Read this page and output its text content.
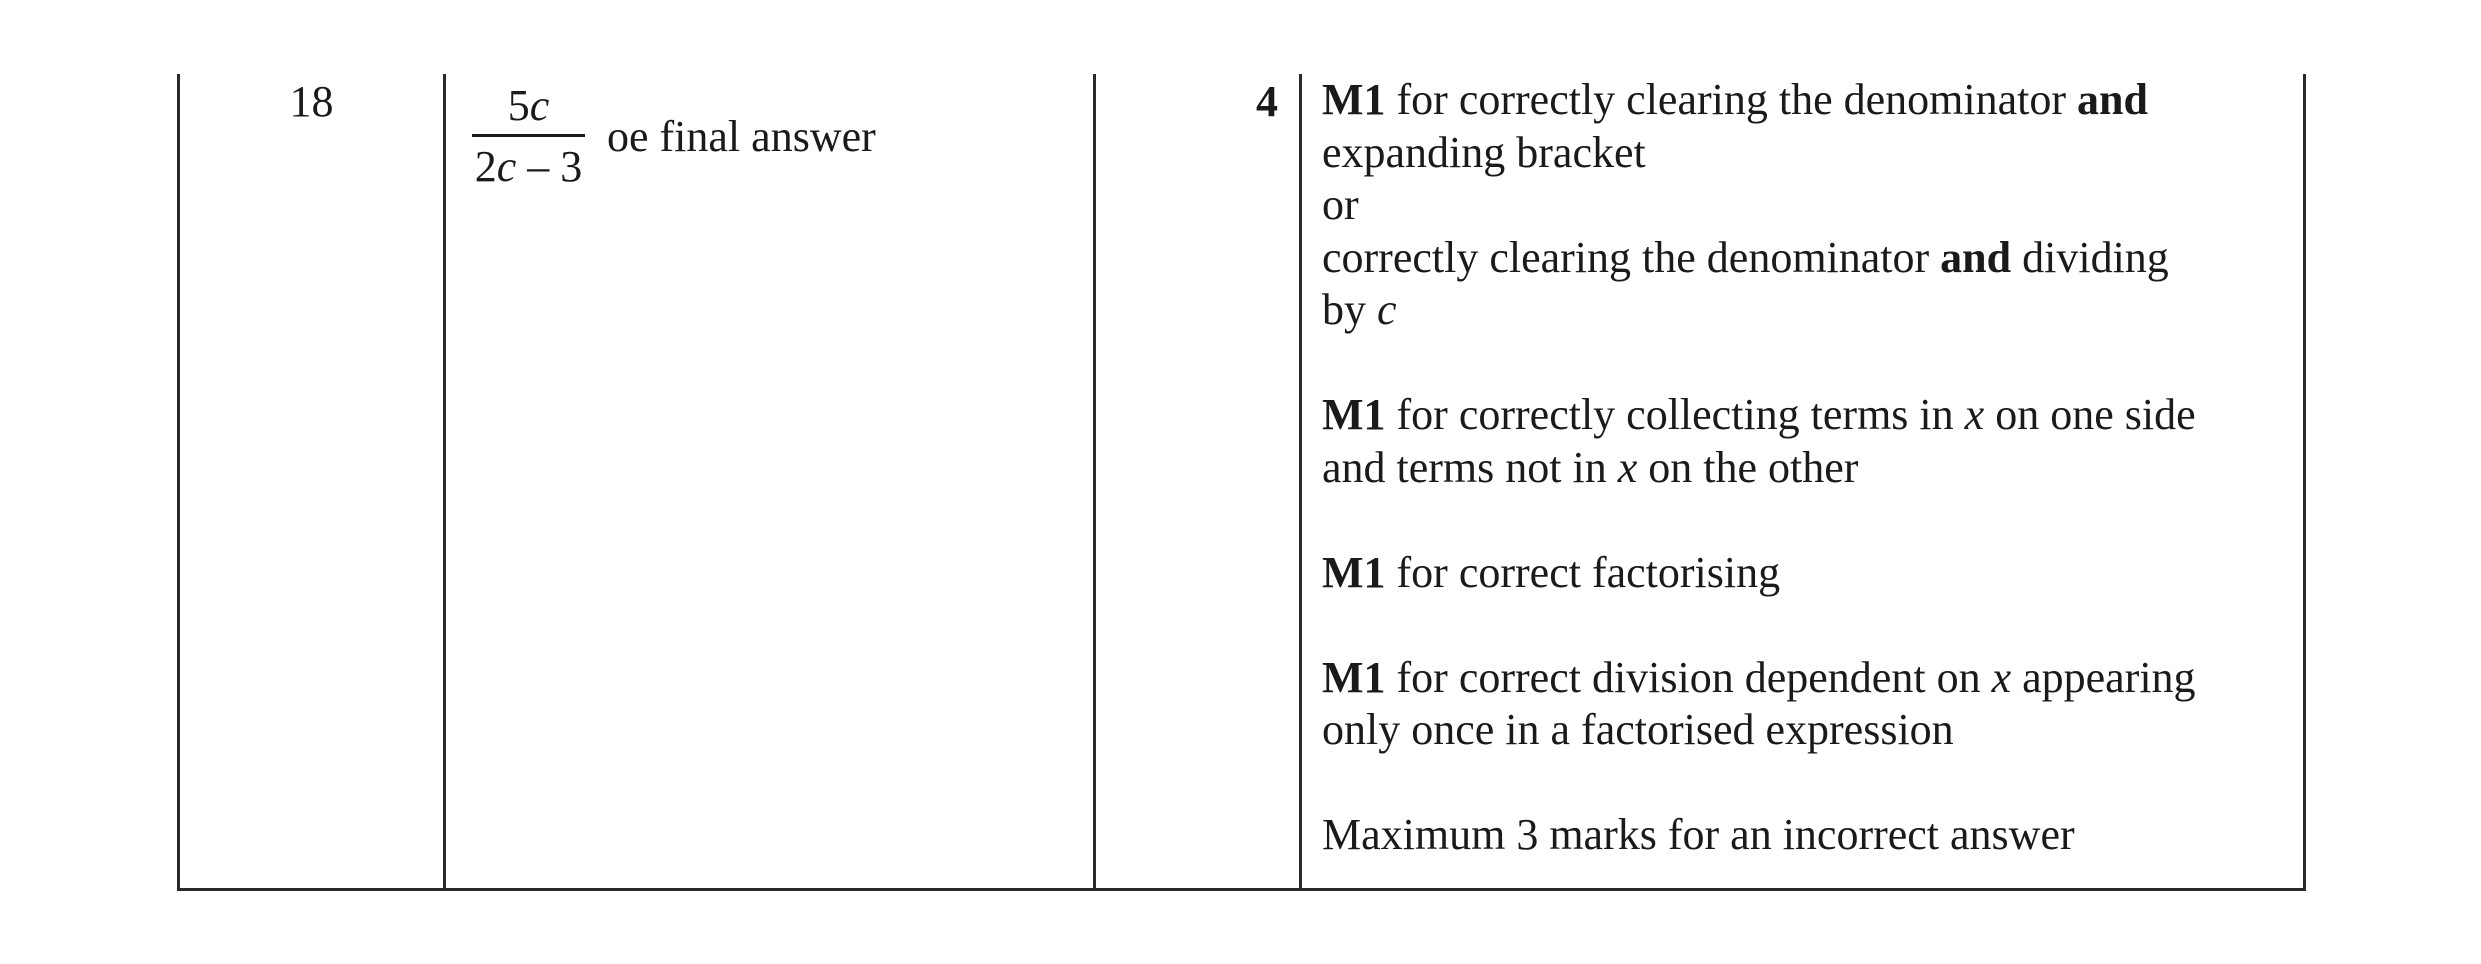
18	$\frac{5c}{2c - 3}$ oe final answer
4 M1 for correctly clearing the denominator and

expanding bracket

or

correctly clearing the denominator and dividing

by c

M1 for correctly collecting terms in x on one side

and terms not in x on the other

M1 for correct factorising

M1 for correct division dependent on x appearing

only once in a factorised expression

Maximum 3 marks for an incorrect answer
